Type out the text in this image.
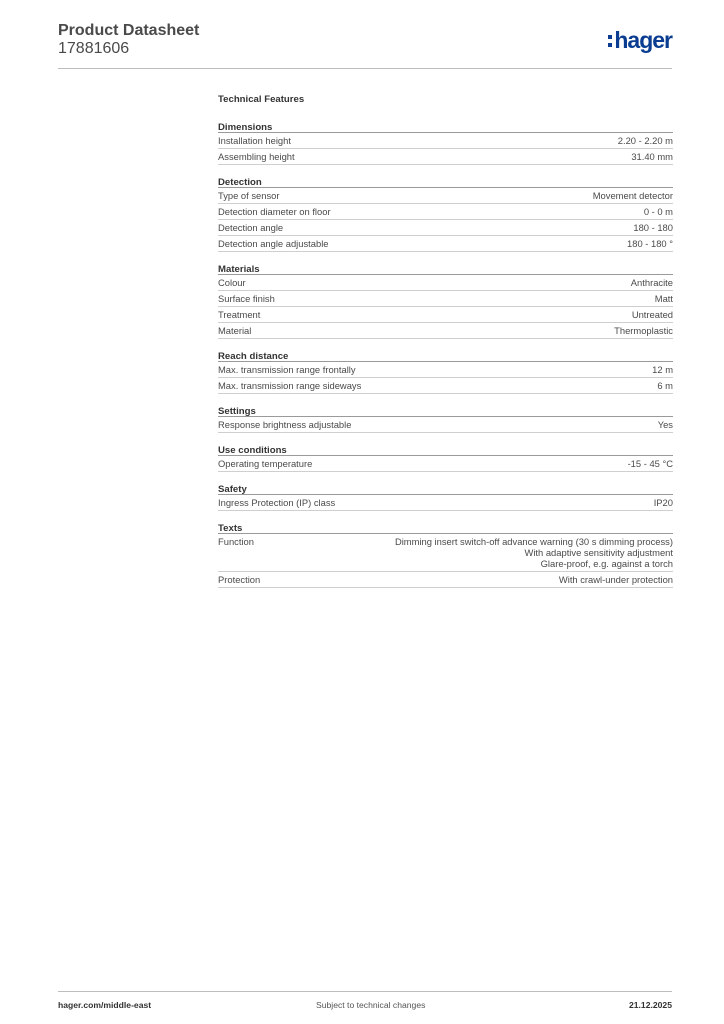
Product Datasheet
17881606	hager
Technical Features
Dimensions
Installation height	2.20 - 2.20 m
Assembling height	31.40 mm
Detection
Type of sensor	Movement detector
Detection diameter on floor	0 - 0 m
Detection angle	180 - 180
Detection angle adjustable	180 - 180 °
Materials
Colour	Anthracite
Surface finish	Matt
Treatment	Untreated
Material	Thermoplastic
Reach distance
Max. transmission range frontally	12 m
Max. transmission range sideways	6 m
Settings
Response brightness adjustable	Yes
Use conditions
Operating temperature	-15 - 45 °C
Safety
Ingress Protection (IP) class	IP20
Texts
Function	Dimming insert switch-off advance warning (30 s dimming process)
With adaptive sensitivity adjustment
Glare-proof, e.g. against a torch
Protection	With crawl-under protection
hager.com/middle-east	Subject to technical changes	21.12.2025
